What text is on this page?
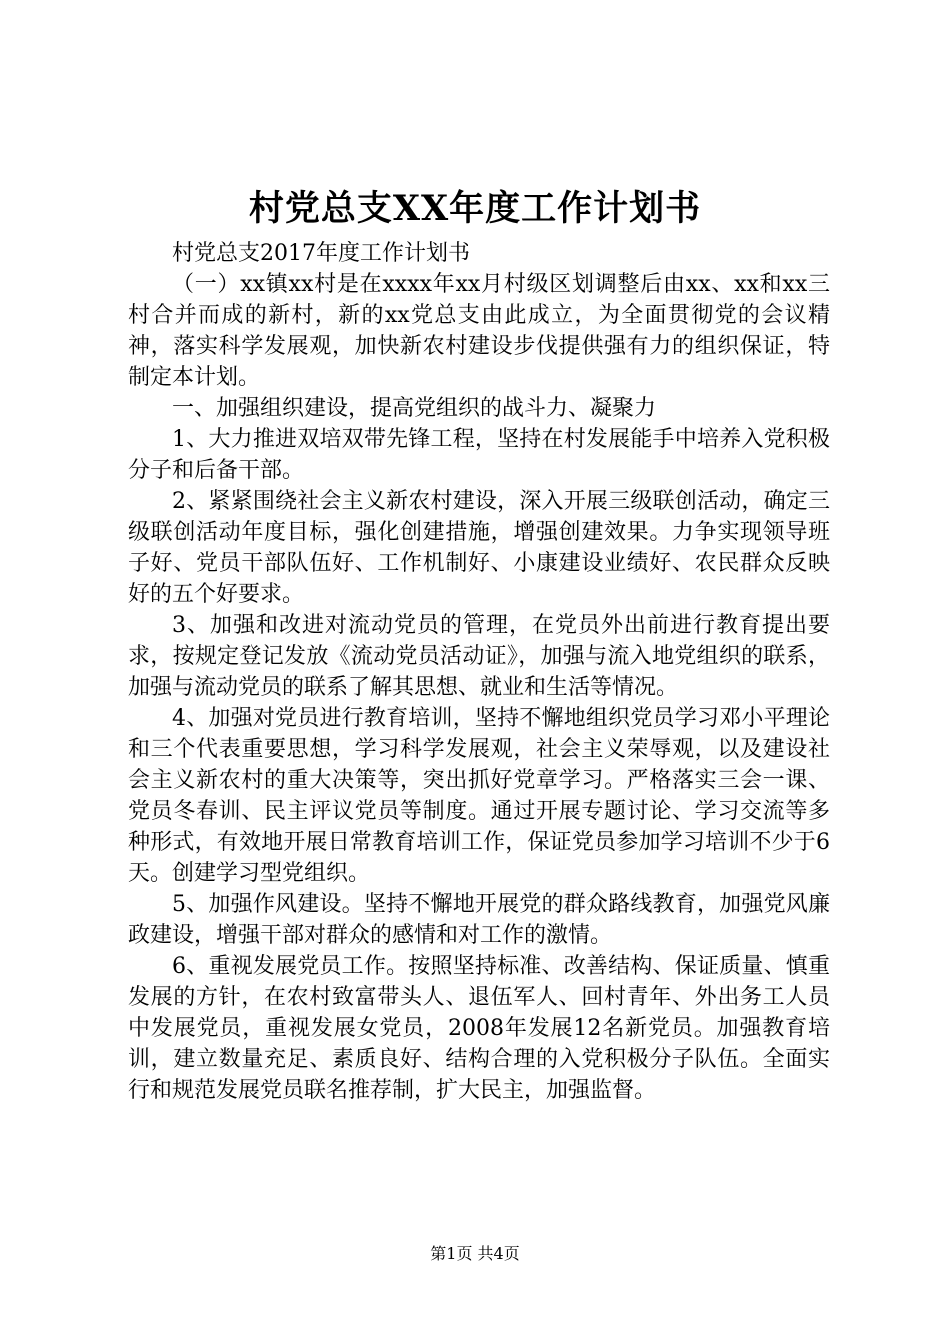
村党总支XX年度工作计划书

村党总支2017年度工作计划书

（一）xx镇xx村是在xxxx年xx月村级区划调整后由xx、xx和xx三村合并而成的新村，新的xx党总支由此成立，为全面贯彻党的会议精神，落实科学发展观，加快新农村建设步伐提供强有力的组织保证，特制定本计划。

一、加强组织建设，提高党组织的战斗力、凝聚力

1、大力推进双培双带先锋工程，坚持在村发展能手中培养入党积极分子和后备干部。

2、紧紧围绕社会主义新农村建设，深入开展三级联创活动，确定三级联创活动年度目标，强化创建措施，增强创建效果。力争实现领导班子好、党员干部队伍好、工作机制好、小康建设业绩好、农民群众反映好的五个好要求。

3、加强和改进对流动党员的管理，在党员外出前进行教育提出要求，按规定登记发放《流动党员活动证》，加强与流入地党组织的联系，加强与流动党员的联系了解其思想、就业和生活等情况。

4、加强对党员进行教育培训，坚持不懈地组织党员学习邓小平理论和三个代表重要思想，学习科学发展观，社会主义荣辱观，以及建设社会主义新农村的重大决策等，突出抓好党章学习。严格落实三会一课、党员冬春训、民主评议党员等制度。通过开展专题讨论、学习交流等多种形式，有效地开展日常教育培训工作，保证党员参加学习培训不少于6天。创建学习型党组织。

5、加强作风建设。坚持不懈地开展党的群众路线教育，加强党风廉政建设，增强干部对群众的感情和对工作的激情。

6、重视发展党员工作。按照坚持标准、改善结构、保证质量、慎重发展的方针，在农村致富带头人、退伍军人、回村青年、外出务工人员中发展党员，重视发展女党员，2008年发展12名新党员。加强教育培训，建立数量充足、素质良好、结构合理的入党积极分子队伍。全面实行和规范发展党员联名推荐制，扩大民主，加强监督。

第1页 共4页
